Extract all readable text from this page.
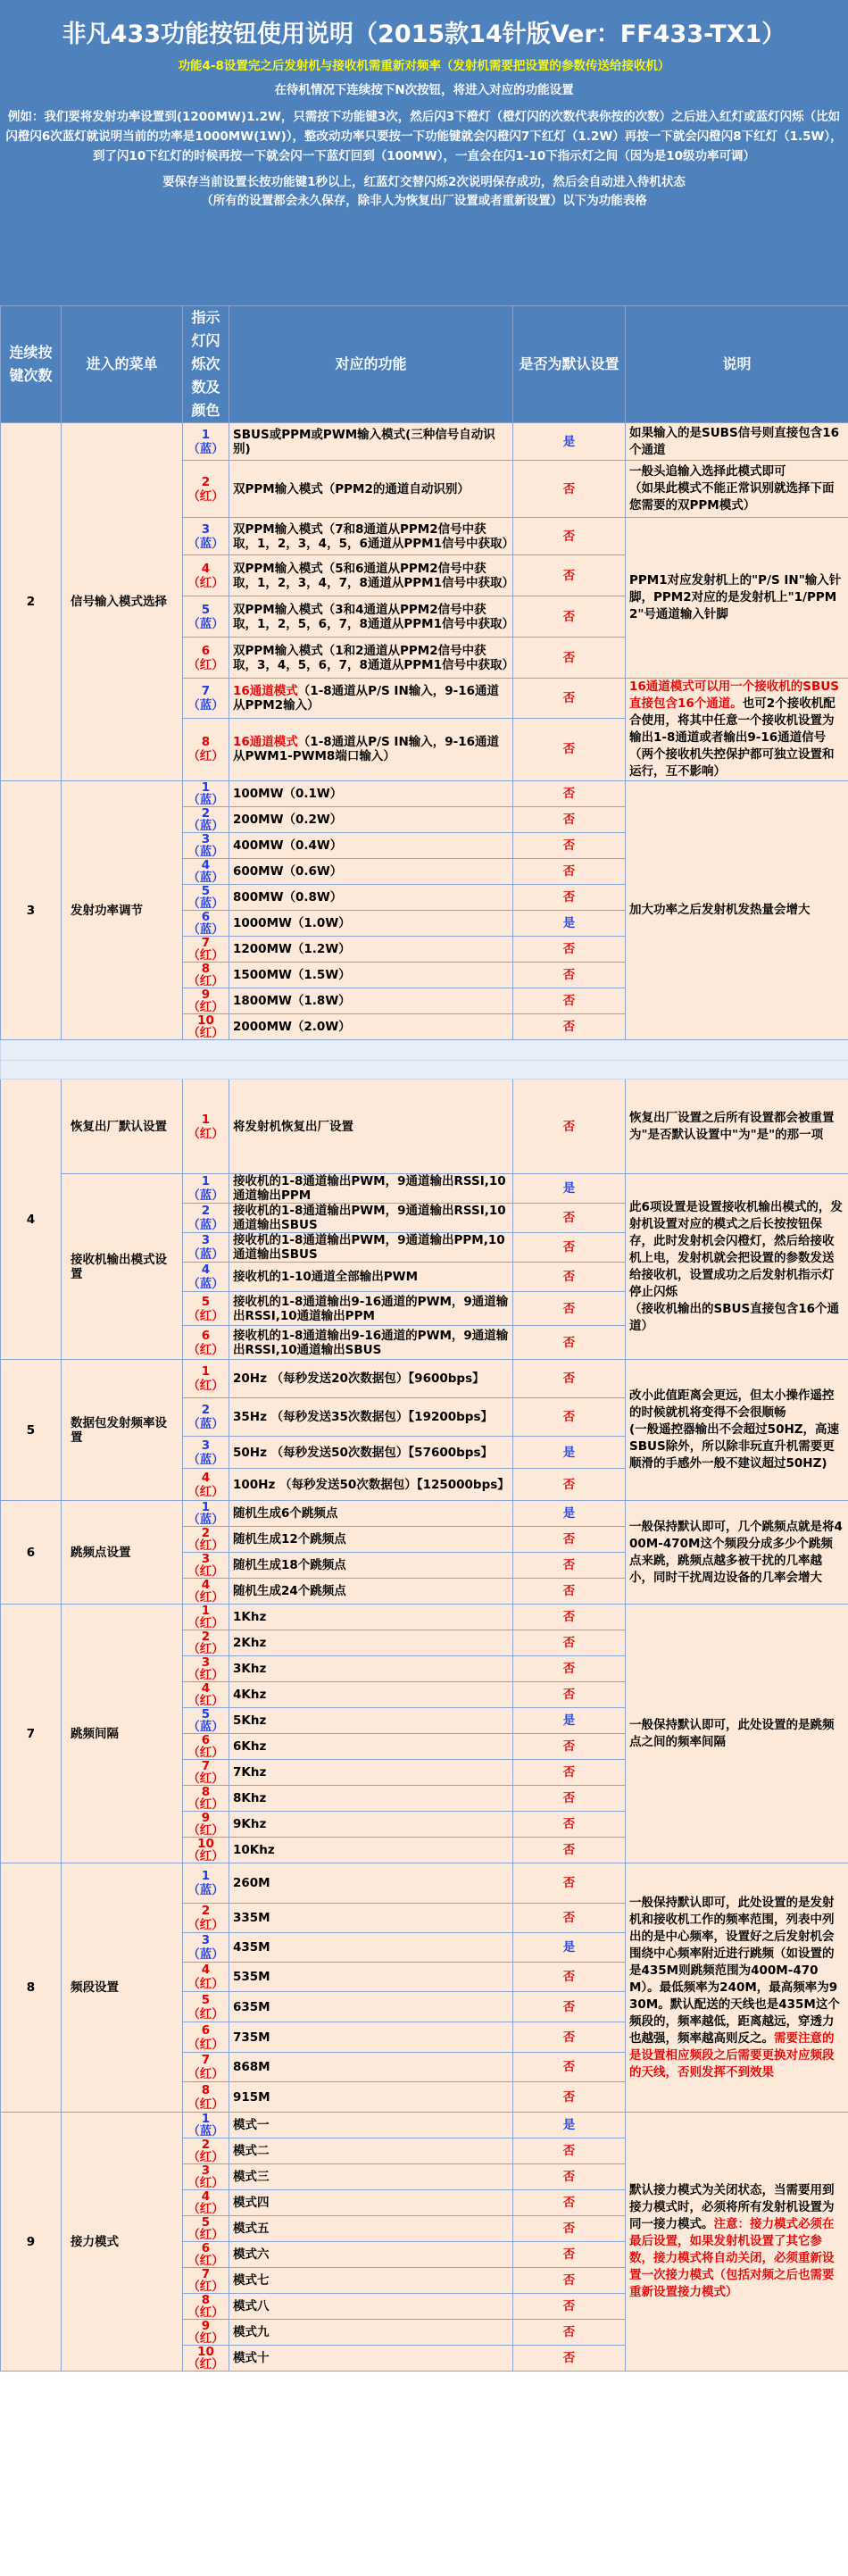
非凡433功能按钮使用说明（2015款14针版Ver：FF433-TX1）

功能4-8设置完之后发射机与接收机需重新对频率（发射机需要把设置的参数传送给接收机）

在待机情况下连续按下N次按钮，将进入对应的功能设置

例如：我们要将发射功率设置到(1200MW)1.2W，只需按下功能键3次，然后闪3下橙灯（橙灯闪的次数代表你按的次数）之后进入红灯或蓝灯闪烁（比如闪橙闪6次蓝灯就说明当前的功率是1000MW(1W)），整改动功率只要按一下功能键就会闪橙闪7下红灯（1.2W）再按一下就会闪橙闪8下红灯（1.5W），到了闪10下红灯的时候再按一下就会闪一下蓝灯回到（100MW），一直会在闪1-10下指示灯之间（因为是10级功率可调）

要保存当前设置长按功能键1秒以上，红蓝灯交替闪烁2次说明保存成功，然后会自动进入待机状态

（所有的设置都会永久保存，除非人为恢复出厂设置或者重新设置）以下为功能表格

连续按键次数	进入的菜单	指示灯闪烁次数及颜色	对应的功能	是否为默认设置	说明
2	信号输入模式选择	1（蓝）	SBUS或PPM或PWM输入模式(三种信号自动识别)	是	如果输入的是SUBS信号则直接包含16个通道
		2（红）	双PPM输入模式（PPM2的通道自动识别）	否	一般头追输入选择此模式即可
（如果此模式不能正常识别就选择下面您需要的双PPM模式）
		3（蓝）	双PPM输入模式（7和8通道从PPM2信号中获取，1，2，3，4，5，6通道从PPM1信号中获取）	否	PPM1对应发射机上的"P/S IN"输入针脚，PPM2对应的是发射机上"1/PPM2"号通道输入针脚
		4（红）	双PPM输入模式（5和6通道从PPM2信号中获取，1，2，3，4，7，8通道从PPM1信号中获取）	否	
		5（蓝）	双PPM输入模式（3和4通道从PPM2信号中获取，1，2，5，6，7，8通道从PPM1信号中获取）	否	
		6（红）	双PPM输入模式（1和2通道从PPM2信号中获取，3，4，5，6，7，8通道从PPM1信号中获取）	否	
		7（蓝）	16通道模式（1-8通道从P/S IN输入，9-16通道从PPM2输入）	否	16通道模式可以用一个接收机的SBUS直接包含16个通道。也可2个接收机配合使用，将其中任意一个接收机设置为输出1-8通道或者输出9-16通道信号（两个接收机失控保护都可独立设置和运行，互不影响）
		8（红）	16通道模式（1-8通道从P/S IN输入，9-16通道从PWM1-PWM8端口输入）	否	
3	发射功率调节	1（蓝）	100MW（0.1W）	否	加大功率之后发射机发热量会增大
		2（蓝）	200MW（0.2W）	否	
		3（蓝）	400MW（0.4W）	否	
		4（蓝）	600MW（0.6W）	否	
		5（蓝）	800MW（0.8W）	否	
		6（蓝）	1000MW（1.0W）	是	
		7（红）	1200MW（1.2W）	否	
		8（红）	1500MW（1.5W）	否	
		9（红）	1800MW（1.8W）	否	
		10（红）	2000MW（2.0W）	否	

4	恢复出厂默认设置	1（红）	将发射机恢复出厂设置	否	恢复出厂设置之后所有设置都会被重置为"是否默认设置中"为"是"的那一项
	接收机输出模式设置	1（蓝）	接收机的1-8通道输出PWM，9通道输出RSSI,10通道输出PPM	是	此6项设置是设置接收机输出模式的，发射机设置对应的模式之后长按按钮保存，此时发射机会闪橙灯，然后给接收机上电，发射机就会把设置的参数发送给接收机，设置成功之后发射机指示灯停止闪烁
（接收机输出的SBUS直接包含16个通道）
		2（蓝）	接收机的1-8通道输出PWM，9通道输出RSSI,10通道输出SBUS	否	
		3（蓝）	接收机的1-8通道输出PWM，9通道输出PPM,10通道输出SBUS	否	
		4（蓝）	接收机的1-10通道全部输出PWM	否	
		5（红）	接收机的1-8通道输出9-16通道的PWM，9通道输出RSSI,10通道输出PPM	否	
		6（红）	接收机的1-8通道输出9-16通道的PWM，9通道输出RSSI,10通道输出SBUS	否	
5	数据包发射频率设置	1（红）	20Hz （每秒发送20次数据包）【9600bps】	否	改小此值距离会更远，但太小操作遥控的时候就机将变得不会很顺畅
(一般遥控器输出不会超过50HZ，高速SBUS除外，所以除非玩直升机需要更顺滑的手感外一般不建议超过50HZ)
		2（蓝）	35Hz （每秒发送35次数据包）【19200bps】	否	
		3（蓝）	50Hz （每秒发送50次数据包）【57600bps】	是	
		4（红）	100Hz （每秒发送50次数据包）【125000bps】	否	
6	跳频点设置	1（蓝）	随机生成6个跳频点	是	一般保持默认即可，几个跳频点就是将400M-470M这个频段分成多少个跳频点来跳，跳频点越多被干扰的几率越小，同时干扰周边设备的几率会增大
		2（红）	随机生成12个跳频点	否	
		3（红）	随机生成18个跳频点	否	
		4（红）	随机生成24个跳频点	否	
7	跳频间隔	1（红）	1Khz	否	一般保持默认即可，此处设置的是跳频点之间的频率间隔
		2（红）	2Khz	否	
		3（红）	3Khz	否	
		4（红）	4Khz	否	
		5（蓝）	5Khz	是	
		6（红）	6Khz	否	
		7（红）	7Khz	否	
		8（红）	8Khz	否	
		9（红）	9Khz	否	
		10（红）	10Khz	否	
8	频段设置	1（蓝）	260M	否	一般保持默认即可，此处设置的是发射机和接收机工作的频率范围，列表中列出的是中心频率，设置好之后发射机会围绕中心频率附近进行跳频（如设置的是435M则跳频范围为400M-470M）。最低频率为240M，最高频率为930M。默认配送的天线也是435M这个频段的，频率越低，距离越远，穿透力也越强，频率越高则反之。需要注意的是设置相应频段之后需要更换对应频段的天线，否则发挥不到效果
		2（红）	335M	否	
		3（蓝）	435M	是	
		4（红）	535M	否	
		5（红）	635M	否	
		6（红）	735M	否	
		7（红）	868M	否	
		8（红）	915M	否	
9	接力模式	1（蓝）	模式一	是	默认接力模式为关闭状态，当需要用到接力模式时，必须将所有发射机设置为同一接力模式。注意：接力模式必须在最后设置，如果发射机设置了其它参数，接力模式将自动关闭，必须重新设置一次接力模式（包括对频之后也需要重新设置接力模式）
		2（红）	模式二	否	
		3（红）	模式三	否	
		4（红）	模式四	否	
		5（红）	模式五	否	
		6（红）	模式六	否	
		7（红）	模式七	否	
		8（红）	模式八	否	
		9（红）	模式九	否	
		10（红）	模式十	否	
